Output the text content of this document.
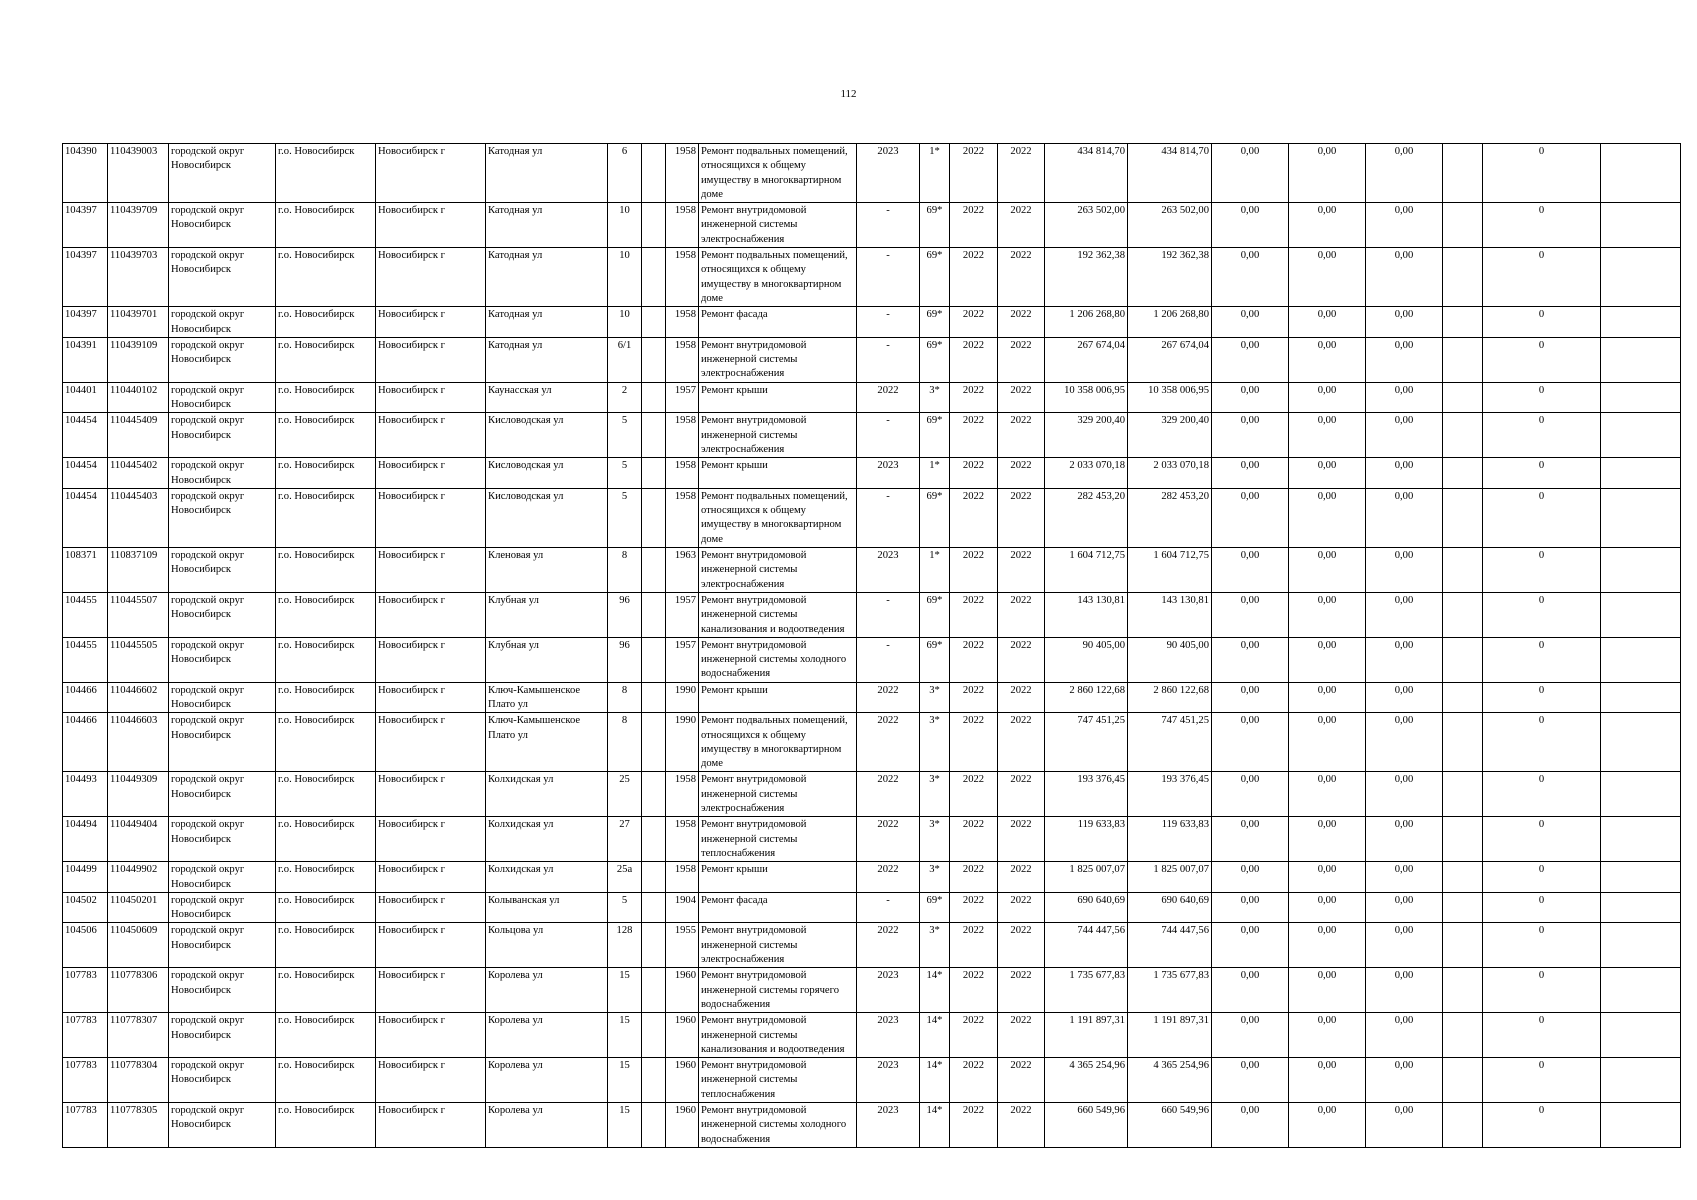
112
104390	110439003	городской округ Новосибирск	г.о. Новосибирск	Новосибирск г	Катодная ул	6		1958	Ремонт подвальных помещений, относящихся к общему имуществу в многоквартирном доме	2023	1*	2022	2022	434 814,70	434 814,70	0,00	0,00	0,00		0	
104397	110439709	городской округ Новосибирск	г.о. Новосибирск	Новосибирск г	Катодная ул	10		1958	Ремонт внутридомовой инженерной системы электроснабжения	-	69*	2022	2022	263 502,00	263 502,00	0,00	0,00	0,00		0	
104397	110439703	городской округ Новосибирск	г.о. Новосибирск	Новосибирск г	Катодная ул	10		1958	Ремонт подвальных помещений, относящихся к общему имуществу в многоквартирном доме	-	69*	2022	2022	192 362,38	192 362,38	0,00	0,00	0,00		0	
104397	110439701	городской округ Новосибирск	г.о. Новосибирск	Новосибирск г	Катодная ул	10		1958	Ремонт фасада	-	69*	2022	2022	1 206 268,80	1 206 268,80	0,00	0,00	0,00		0	
104391	110439109	городской округ Новосибирск	г.о. Новосибирск	Новосибирск г	Катодная ул	6/1		1958	Ремонт внутридомовой инженерной системы электроснабжения	-	69*	2022	2022	267 674,04	267 674,04	0,00	0,00	0,00		0	
104401	110440102	городской округ Новосибирск	г.о. Новосибирск	Новосибирск г	Каунасская ул	2		1957	Ремонт крыши	2022	3*	2022	2022	10 358 006,95	10 358 006,95	0,00	0,00	0,00		0	
104454	110445409	городской округ Новосибирск	г.о. Новосибирск	Новосибирск г	Кисловодская ул	5		1958	Ремонт внутридомовой инженерной системы электроснабжения	-	69*	2022	2022	329 200,40	329 200,40	0,00	0,00	0,00		0	
104454	110445402	городской округ Новосибирск	г.о. Новосибирск	Новосибирск г	Кисловодская ул	5		1958	Ремонт крыши	2023	1*	2022	2022	2 033 070,18	2 033 070,18	0,00	0,00	0,00		0	
104454	110445403	городской округ Новосибирск	г.о. Новосибирск	Новосибирск г	Кисловодская ул	5		1958	Ремонт подвальных помещений, относящихся к общему имуществу в многоквартирном доме	-	69*	2022	2022	282 453,20	282 453,20	0,00	0,00	0,00		0	
108371	110837109	городской округ Новосибирск	г.о. Новосибирск	Новосибирск г	Кленовая ул	8		1963	Ремонт внутридомовой инженерной системы электроснабжения	2023	1*	2022	2022	1 604 712,75	1 604 712,75	0,00	0,00	0,00		0	
104455	110445507	городской округ Новосибирск	г.о. Новосибирск	Новосибирск г	Клубная ул	96		1957	Ремонт внутридомовой инженерной системы канализования и водоотведения	-	69*	2022	2022	143 130,81	143 130,81	0,00	0,00	0,00		0	
104455	110445505	городской округ Новосибирск	г.о. Новосибирск	Новосибирск г	Клубная ул	96		1957	Ремонт внутридомовой инженерной системы холодного водоснабжения	-	69*	2022	2022	90 405,00	90 405,00	0,00	0,00	0,00		0	
104466	110446602	городской округ Новосибирск	г.о. Новосибирск	Новосибирск г	Ключ-Камышенское Плато ул	8		1990	Ремонт крыши	2022	3*	2022	2022	2 860 122,68	2 860 122,68	0,00	0,00	0,00		0	
104466	110446603	городской округ Новосибирск	г.о. Новосибирск	Новосибирск г	Ключ-Камышенское Плато ул	8		1990	Ремонт подвальных помещений, относящихся к общему имуществу в многоквартирном доме	2022	3*	2022	2022	747 451,25	747 451,25	0,00	0,00	0,00		0	
104493	110449309	городской округ Новосибирск	г.о. Новосибирск	Новосибирск г	Колхидская ул	25		1958	Ремонт внутридомовой инженерной системы электроснабжения	2022	3*	2022	2022	193 376,45	193 376,45	0,00	0,00	0,00		0	
104494	110449404	городской округ Новосибирск	г.о. Новосибирск	Новосибирск г	Колхидская ул	27		1958	Ремонт внутридомовой инженерной системы теплоснабжения	2022	3*	2022	2022	119 633,83	119 633,83	0,00	0,00	0,00		0	
104499	110449902	городской округ Новосибирск	г.о. Новосибирск	Новосибирск г	Колхидская ул	25а		1958	Ремонт крыши	2022	3*	2022	2022	1 825 007,07	1 825 007,07	0,00	0,00	0,00		0	
104502	110450201	городской округ Новосибирск	г.о. Новосибирск	Новосибирск г	Колыванская ул	5		1904	Ремонт фасада	-	69*	2022	2022	690 640,69	690 640,69	0,00	0,00	0,00		0	
104506	110450609	городской округ Новосибирск	г.о. Новосибирск	Новосибирск г	Кольцова ул	128		1955	Ремонт внутридомовой инженерной системы электроснабжения	2022	3*	2022	2022	744 447,56	744 447,56	0,00	0,00	0,00		0	
107783	110778306	городской округ Новосибирск	г.о. Новосибирск	Новосибирск г	Королева ул	15		1960	Ремонт внутридомовой инженерной системы горячего водоснабжения	2023	14*	2022	2022	1 735 677,83	1 735 677,83	0,00	0,00	0,00		0	
107783	110778307	городской округ Новосибирск	г.о. Новосибирск	Новосибирск г	Королева ул	15		1960	Ремонт внутридомовой инженерной системы канализования и водоотведения	2023	14*	2022	2022	1 191 897,31	1 191 897,31	0,00	0,00	0,00		0	
107783	110778304	городской округ Новосибирск	г.о. Новосибирск	Новосибирск г	Королева ул	15		1960	Ремонт внутридомовой инженерной системы теплоснабжения	2023	14*	2022	2022	4 365 254,96	4 365 254,96	0,00	0,00	0,00		0	
107783	110778305	городской округ Новосибирск	г.о. Новосибирск	Новосибирск г	Королева ул	15		1960	Ремонт внутридомовой инженерной системы холодного водоснабжения	2023	14*	2022	2022	660 549,96	660 549,96	0,00	0,00	0,00		0	
